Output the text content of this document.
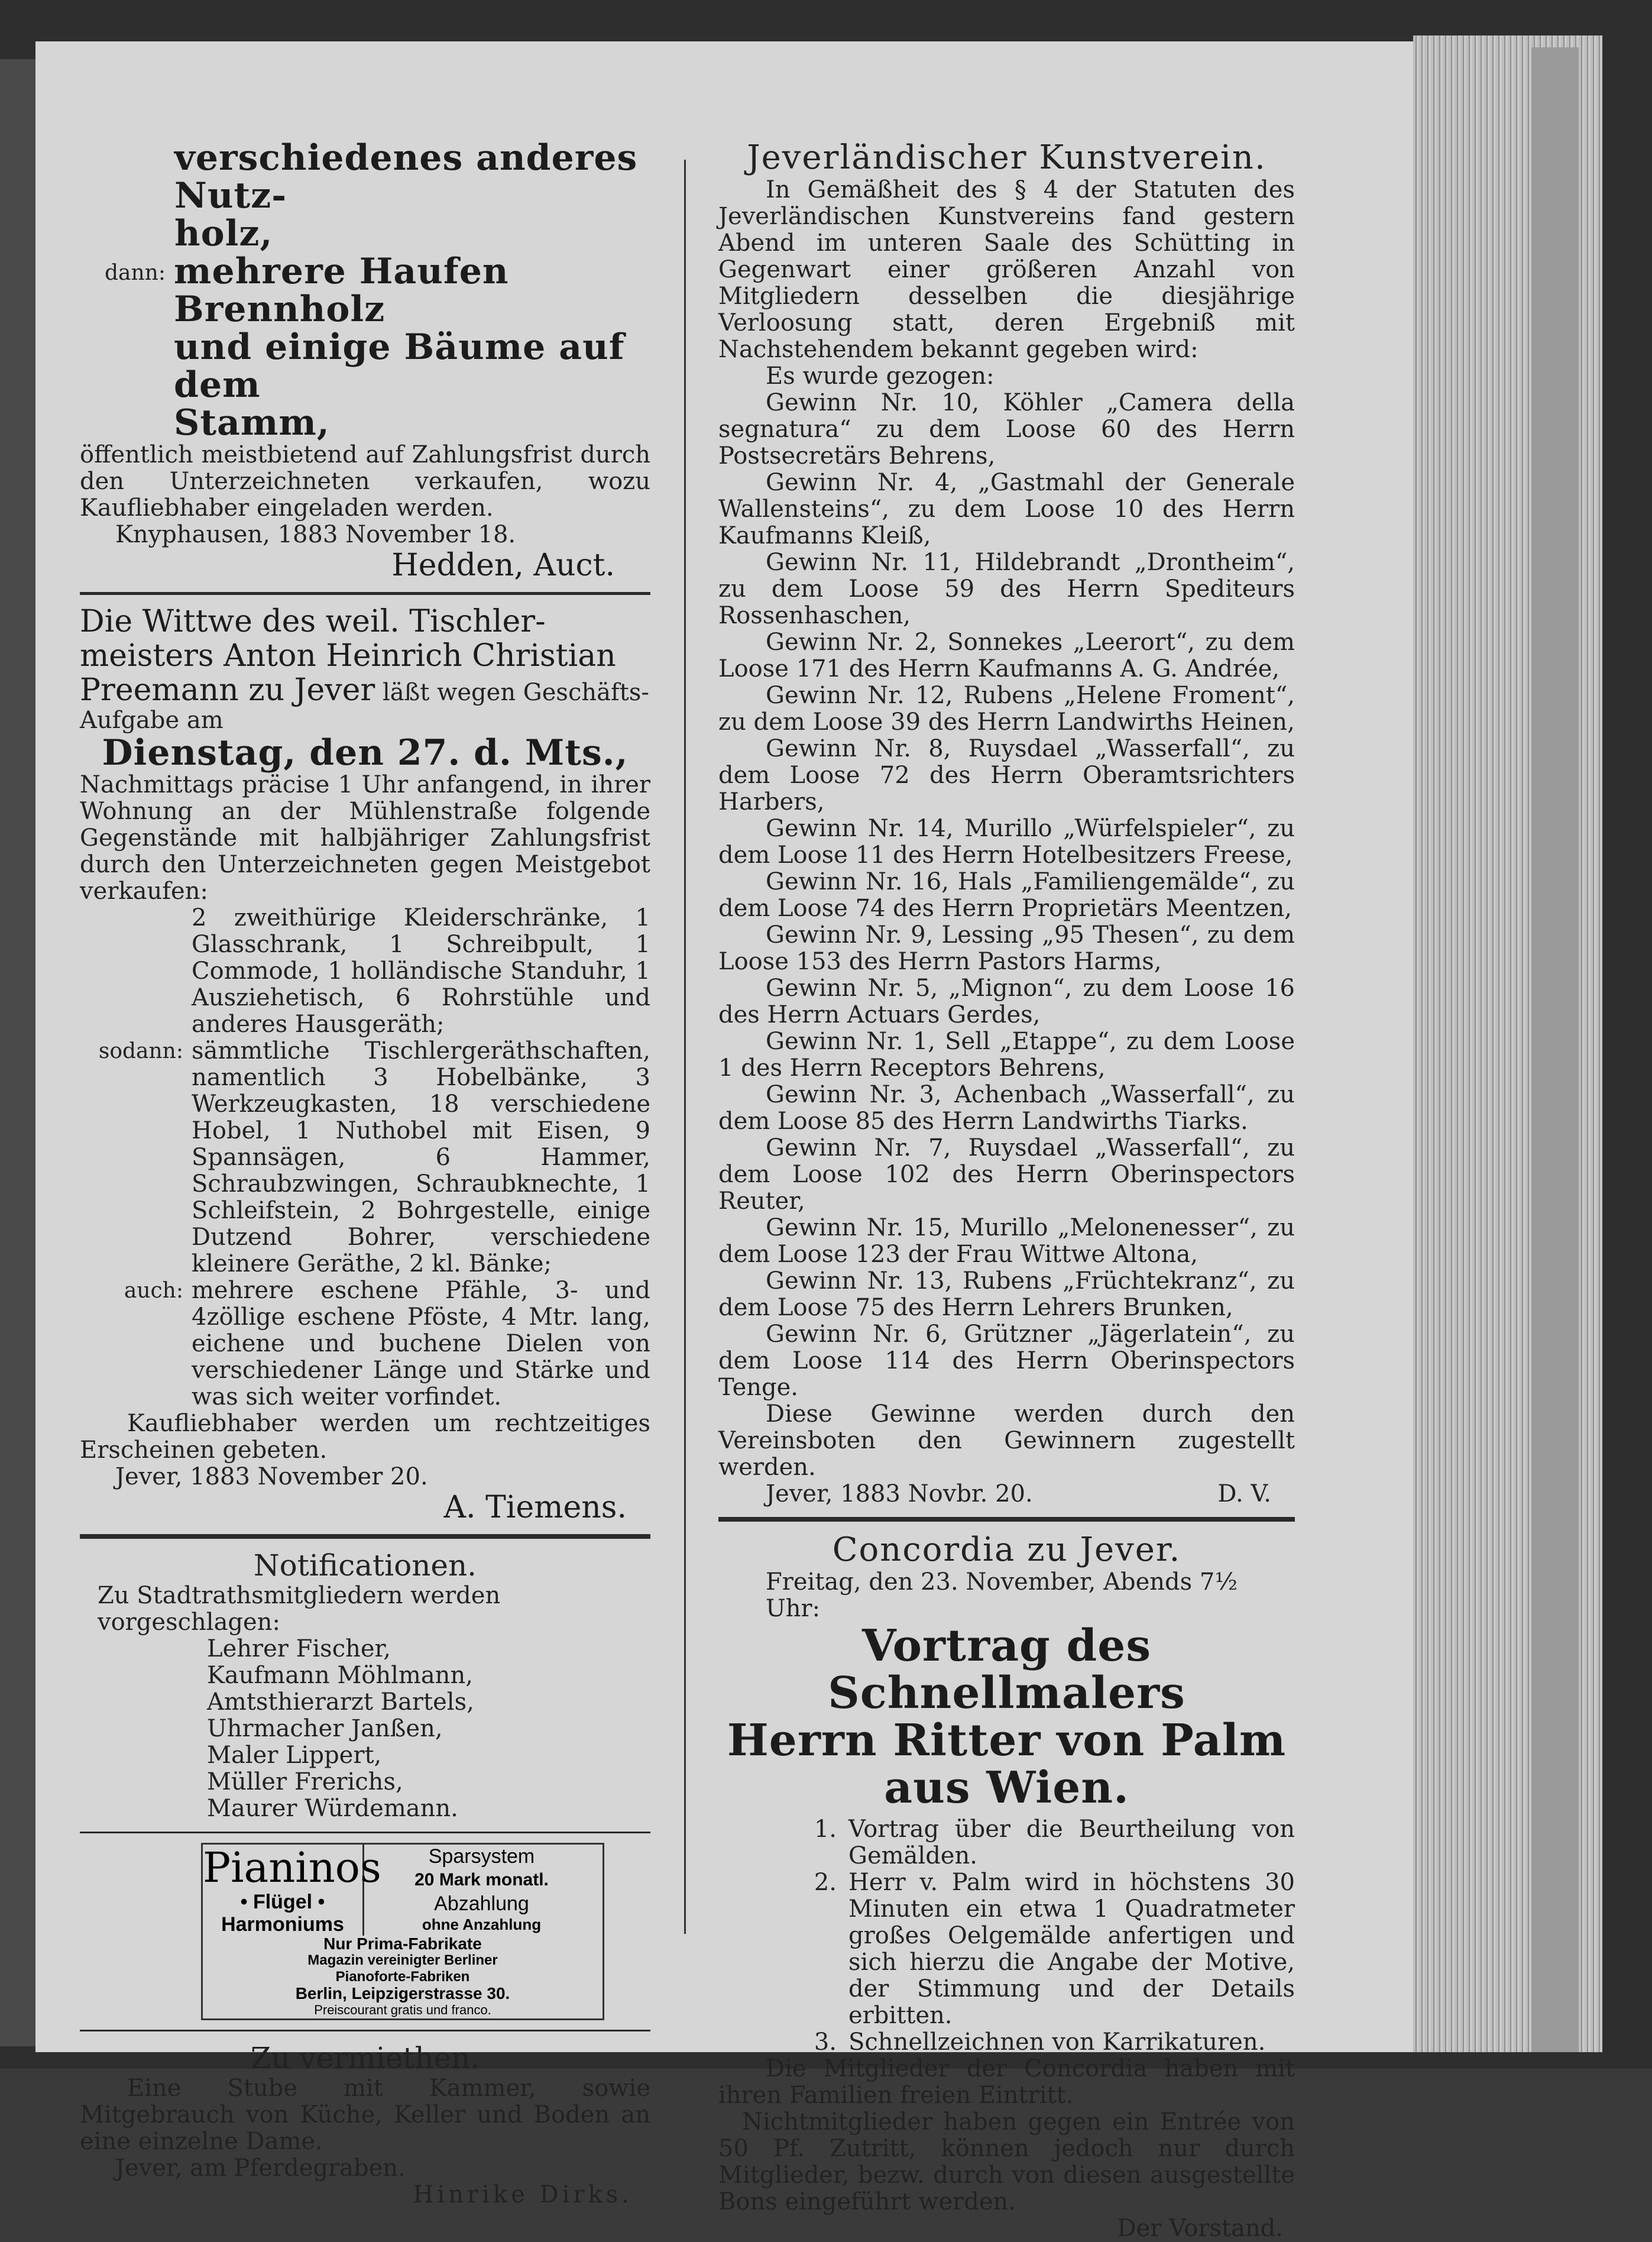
verschiedenes anderes Nutz-

holz,

dann: mehrere Haufen Brennholz

und einige Bäume auf dem

Stamm,

öffentlich meistbietend auf Zahlungsfrist durch den Unterzeichneten verkaufen, wozu Kaufliebhaber eingeladen werden.

Knyphausen, 1883 November 18.

Hedden, Auct.

Die Wittwe des weil. Tischler-

meisters Anton Heinrich Christian

Preemann zu Jever läßt wegen Geschäfts-

Aufgabe am

Dienstag, den 27. d. Mts.,

Nachmittags präcise 1 Uhr anfangend, in ihrer Wohnung an der Mühlenstraße folgende Gegenstände mit halbjähriger Zahlungsfrist durch den Unterzeichneten gegen Meistgebot verkaufen:

2 zweithürige Kleiderschränke, 1 Glasschrank, 1 Schreibpult, 1 Commode, 1 holländische Standuhr, 1 Ausziehetisch, 6 Rohrstühle und anderes Hausgeräth;

sodann: sämmtliche Tischlergeräthschaften, namentlich 3 Hobelbänke, 3 Werkzeugkasten, 18 verschiedene Hobel, 1 Nuthobel mit Eisen, 9 Spannsägen, 6 Hammer, Schraubzwingen, Schraubknechte, 1 Schleifstein, 2 Bohrgestelle, einige Dutzend Bohrer, verschiedene kleinere Geräthe, 2 kl. Bänke;

auch: mehrere eschene Pfähle, 3- und 4zöllige eschene Pföste, 4 Mtr. lang, eichene und buchene Dielen von verschiedener Länge und Stärke und was sich weiter vorfindet.

Kaufliebhaber werden um rechtzeitiges Erscheinen gebeten.

Jever, 1883 November 20.

A. Tiemens.

Notificationen.

Zu Stadtrathsmitgliedern werden vorgeschlagen:

Lehrer Fischer,

Kaufmann Möhlmann,

Amtsthierarzt Bartels,

Uhrmacher Janßen,

Maler Lippert,

Müller Frerichs,

Maurer Würdemann.

Pianinos
• Flügel •
Harmoniums
Sparsystem
20 Mark monatl.
Abzahlung
ohne Anzahlung
Nur Prima-Fabrikate
Magazin vereinigter Berliner
Pianoforte-Fabriken
Berlin, Leipzigerstrasse 30.
Preiscourant gratis und franco.

Zu vermiethen.

Eine Stube mit Kammer, sowie Mitgebrauch von Küche, Keller und Boden an eine einzelne Dame.

Jever, am Pferdegraben.

Hinrike Dirks.

Jeverländischer Kunstverein.

In Gemäßheit des § 4 der Statuten des Jeverländischen Kunstvereins fand gestern Abend im unteren Saale des Schütting in Gegenwart einer größeren Anzahl von Mitgliedern desselben die diesjährige Verloosung statt, deren Ergebniß mit Nachstehendem bekannt gegeben wird:

Es wurde gezogen:

Gewinn Nr. 10, Köhler „Camera della segnatura“ zu dem Loose 60 des Herrn Postsecretärs Behrens,

Gewinn Nr. 4, „Gastmahl der Generale Wallensteins“, zu dem Loose 10 des Herrn Kaufmanns Kleiß,

Gewinn Nr. 11, Hildebrandt „Drontheim“, zu dem Loose 59 des Herrn Spediteurs Rossenhaschen,

Gewinn Nr. 2, Sonnekes „Leerort“, zu dem Loose 171 des Herrn Kaufmanns A. G. Andrée,

Gewinn Nr. 12, Rubens „Helene Froment“, zu dem Loose 39 des Herrn Landwirths Heinen,

Gewinn Nr. 8, Ruysdael „Wasserfall“, zu dem Loose 72 des Herrn Oberamtsrichters Harbers,

Gewinn Nr. 14, Murillo „Würfelspieler“, zu dem Loose 11 des Herrn Hotelbesitzers Freese,

Gewinn Nr. 16, Hals „Familiengemälde“, zu dem Loose 74 des Herrn Proprietärs Meentzen,

Gewinn Nr. 9, Lessing „95 Thesen“, zu dem Loose 153 des Herrn Pastors Harms,

Gewinn Nr. 5, „Mignon“, zu dem Loose 16 des Herrn Actuars Gerdes,

Gewinn Nr. 1, Sell „Etappe“, zu dem Loose 1 des Herrn Receptors Behrens,

Gewinn Nr. 3, Achenbach „Wasserfall“, zu dem Loose 85 des Herrn Landwirths Tiarks.

Gewinn Nr. 7, Ruysdael „Wasserfall“, zu dem Loose 102 des Herrn Oberinspectors Reuter,

Gewinn Nr. 15, Murillo „Melonenesser“, zu dem Loose 123 der Frau Wittwe Altona,

Gewinn Nr. 13, Rubens „Früchtekranz“, zu dem Loose 75 des Herrn Lehrers Brunken,

Gewinn Nr. 6, Grützner „Jägerlatein“, zu dem Loose 114 des Herrn Oberinspectors Tenge.

Diese Gewinne werden durch den Vereinsboten den Gewinnern zugestellt werden.

Jever, 1883 Novbr. 20.	D. V.

Concordia zu Jever.

Freitag, den 23. November, Abends 7½ Uhr:

Vortrag des Schnellmalers

Herrn Ritter von Palm

aus Wien.

1. Vortrag über die Beurtheilung von Gemälden.

2. Herr v. Palm wird in höchstens 30 Minuten ein etwa 1 Quadratmeter großes Oelgemälde anfertigen und sich hierzu die Angabe der Motive, der Stimmung und der Details erbitten.

3. Schnellzeichnen von Karrikaturen.

Die Mitglieder der Concordia haben mit ihren Familien freien Eintritt.

Nichtmitglieder haben gegen ein Entrée von 50 Pf. Zutritt, können jedoch nur durch Mitglieder, bezw. durch von diesen ausgestellte Bons eingeführt werden.

Der Vorstand.
